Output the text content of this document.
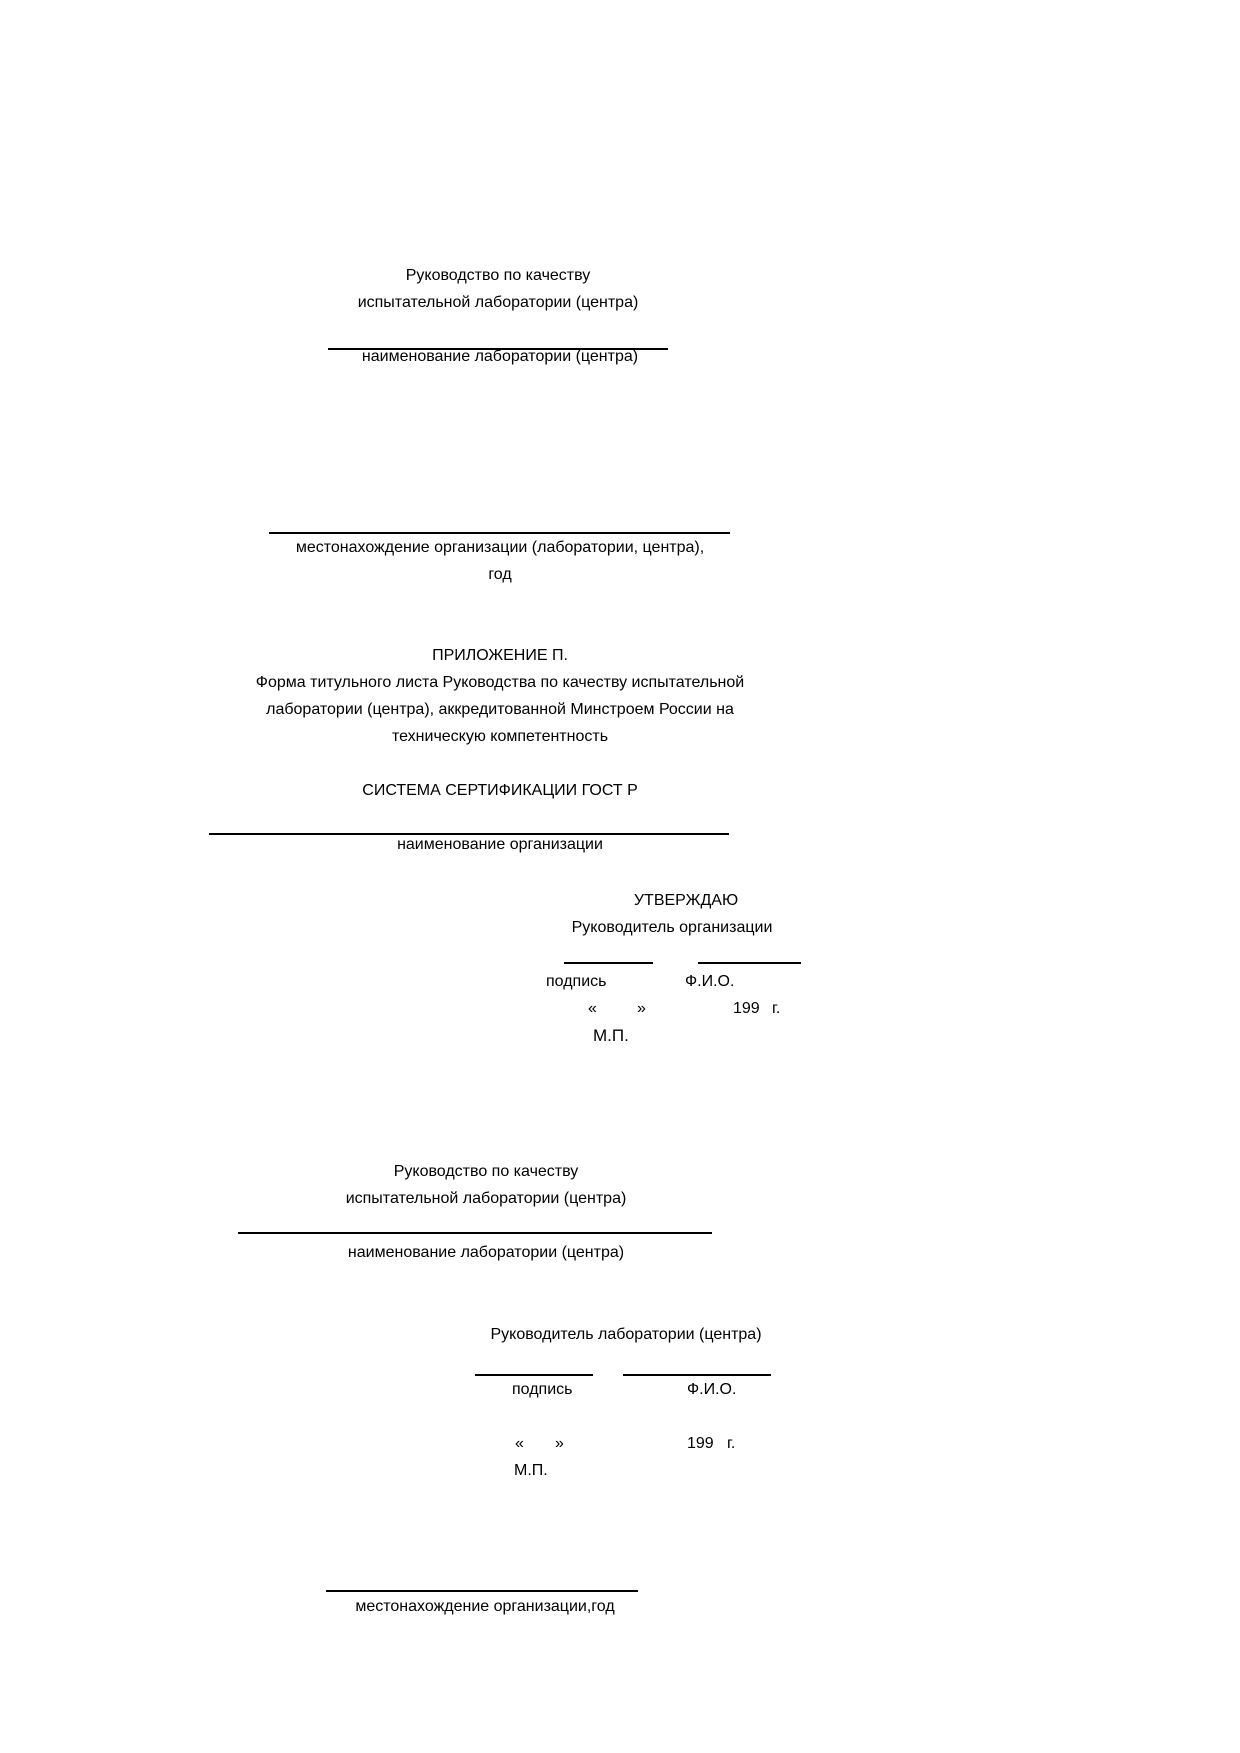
Руководство по качеству
испытательной лаборатории (центра)
наименование лаборатории (центра)
местонахождение организации (лаборатории, центра),
год
ПРИЛОЖЕНИЕ П.
Форма титульного листа Руководства по качеству испытательной
лаборатории (центра), аккредитованной Минстроем России на
техническую компетентность
СИСТЕМА СЕРТИФИКАЦИИ ГОСТ Р
наименование организации
УТВЕРЖДАЮ
Руководитель организации
подпись	Ф.И.О.
«	»	199 г.
М.П.
Руководство по качеству
испытательной лаборатории (центра)
наименование лаборатории (центра)
Руководитель лаборатории (центра)
подпись	Ф.И.О.
« »	199 г.
М.П.
местонахождение организации,год
